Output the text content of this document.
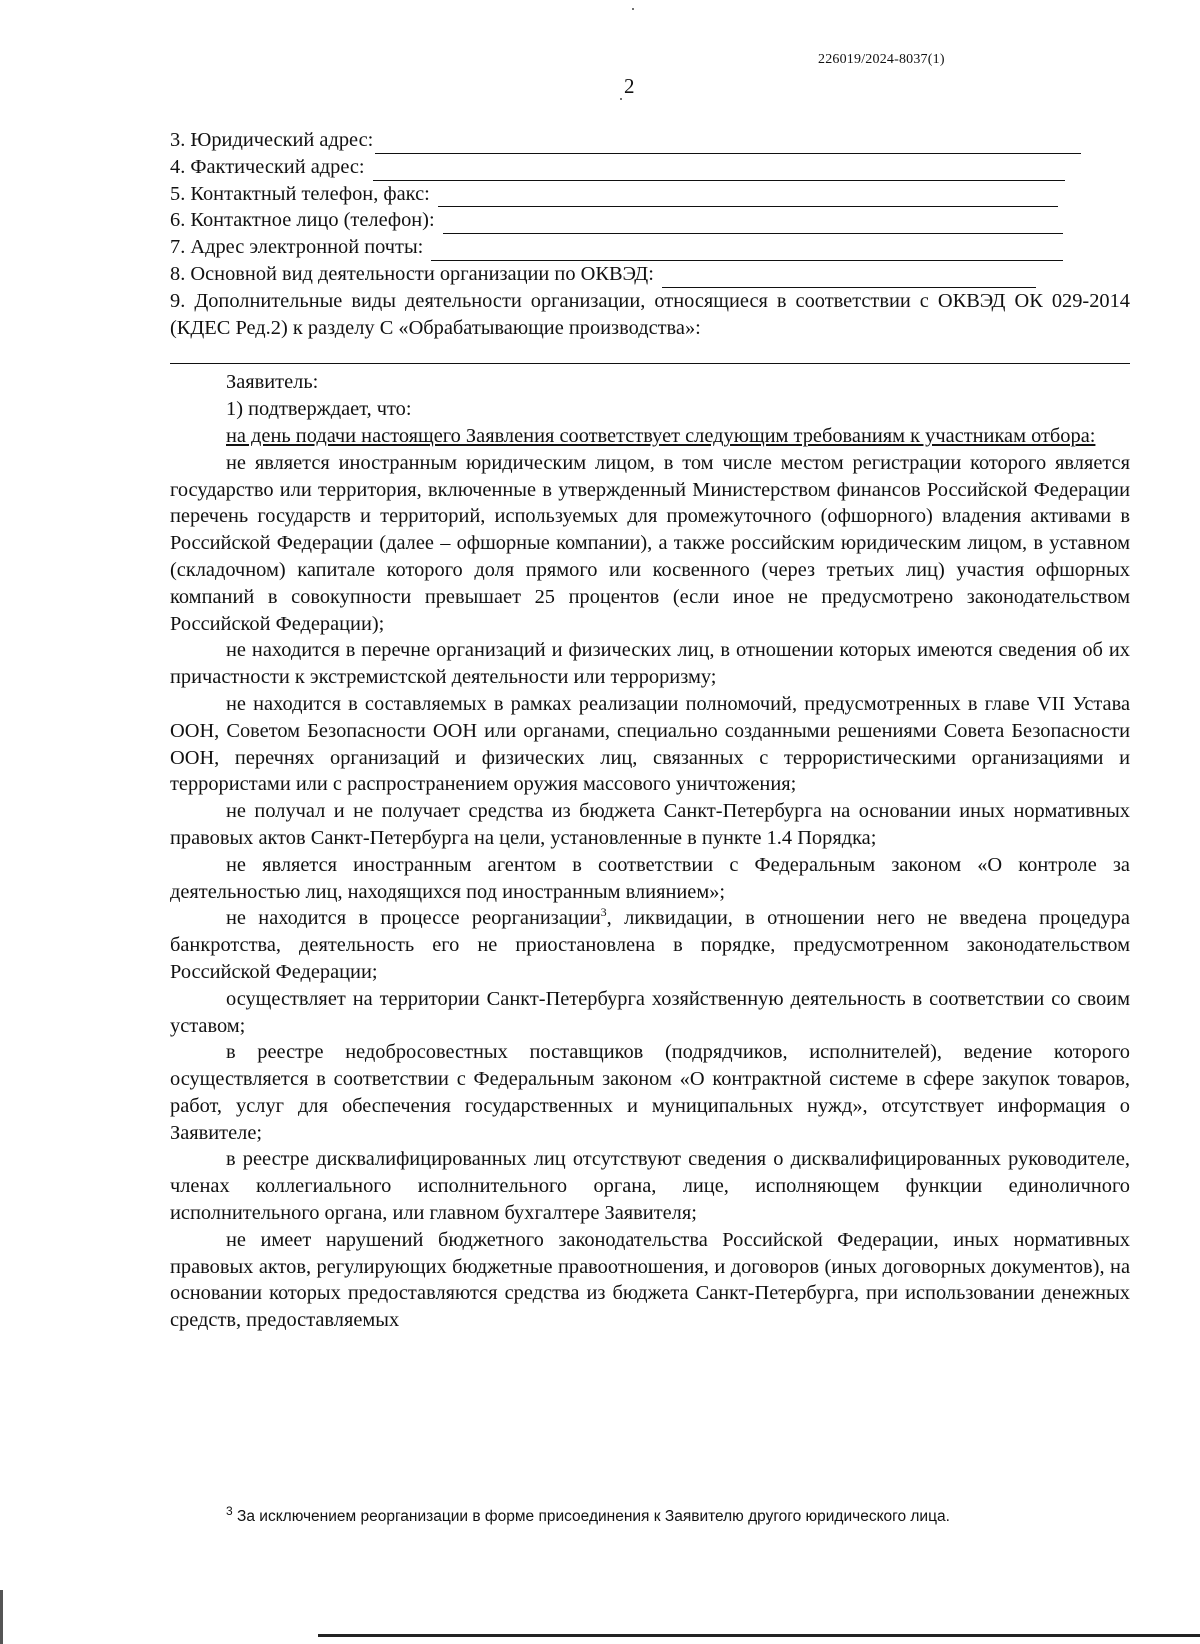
226019/2024-8037(1)
2
3. Юридический адрес:
4. Фактический адрес:
5. Контактный телефон, факс:
6. Контактное лицо (телефон):
7. Адрес электронной почты:
8. Основной вид деятельности организации по ОКВЭД:

9. Дополнительные виды деятельности организации, относящиеся в соответствии с ОКВЭД ОК 029-2014 (КДЕС Ред.2) к разделу С «Обрабатывающие производства»:

Заявитель:

1) подтверждает, что:

на день подачи настоящего Заявления соответствует следующим требованиям к участникам отбора:

не является иностранным юридическим лицом, в том числе местом регистрации которого является государство или территория, включенные в утвержденный Министерством финансов Российской Федерации перечень государств и территорий, используемых для промежуточного (офшорного) владения активами в Российской Федерации (далее – офшорные компании), а также российским юридическим лицом, в уставном (складочном) капитале которого доля прямого или косвенного (через третьих лиц) участия офшорных компаний в совокупности превышает 25 процентов (если иное не предусмотрено законодательством Российской Федерации);

не находится в перечне организаций и физических лиц, в отношении которых имеются сведения об их причастности к экстремистской деятельности или терроризму;

не находится в составляемых в рамках реализации полномочий, предусмотренных в главе VII Устава ООН, Советом Безопасности ООН или органами, специально созданными решениями Совета Безопасности ООН, перечнях организаций и физических лиц, связанных с террористическими организациями и террористами или с распространением оружия массового уничтожения;

не получал и не получает средства из бюджета Санкт-Петербурга на основании иных нормативных правовых актов Санкт-Петербурга на цели, установленные в пункте 1.4 Порядка;

не является иностранным агентом в соответствии с Федеральным законом «О контроле за деятельностью лиц, находящихся под иностранным влиянием»;

не находится в процессе реорганизации$^3$, ликвидации, в отношении него не введена процедура банкротства, деятельность его не приостановлена в порядке, предусмотренном законодательством Российской Федерации;

осуществляет на территории Санкт-Петербурга хозяйственную деятельность в соответствии со своим уставом;

в реестре недобросовестных поставщиков (подрядчиков, исполнителей), ведение которого осуществляется в соответствии с Федеральным законом «О контрактной системе в сфере закупок товаров, работ, услуг для обеспечения государственных и муниципальных нужд», отсутствует информация о Заявителе;

в реестре дисквалифицированных лиц отсутствуют сведения о дисквалифицированных руководителе, членах коллегиального исполнительного органа, лице, исполняющем функции единоличного исполнительного органа, или главном бухгалтере Заявителя;

не имеет нарушений бюджетного законодательства Российской Федерации, иных нормативных правовых актов, регулирующих бюджетные правоотношения, и договоров (иных договорных документов), на основании которых предоставляются средства из бюджета Санкт-Петербурга, при использовании денежных средств, предоставляемых

$^3$ За исключением реорганизации в форме присоединения к Заявителю другого юридического лица.
